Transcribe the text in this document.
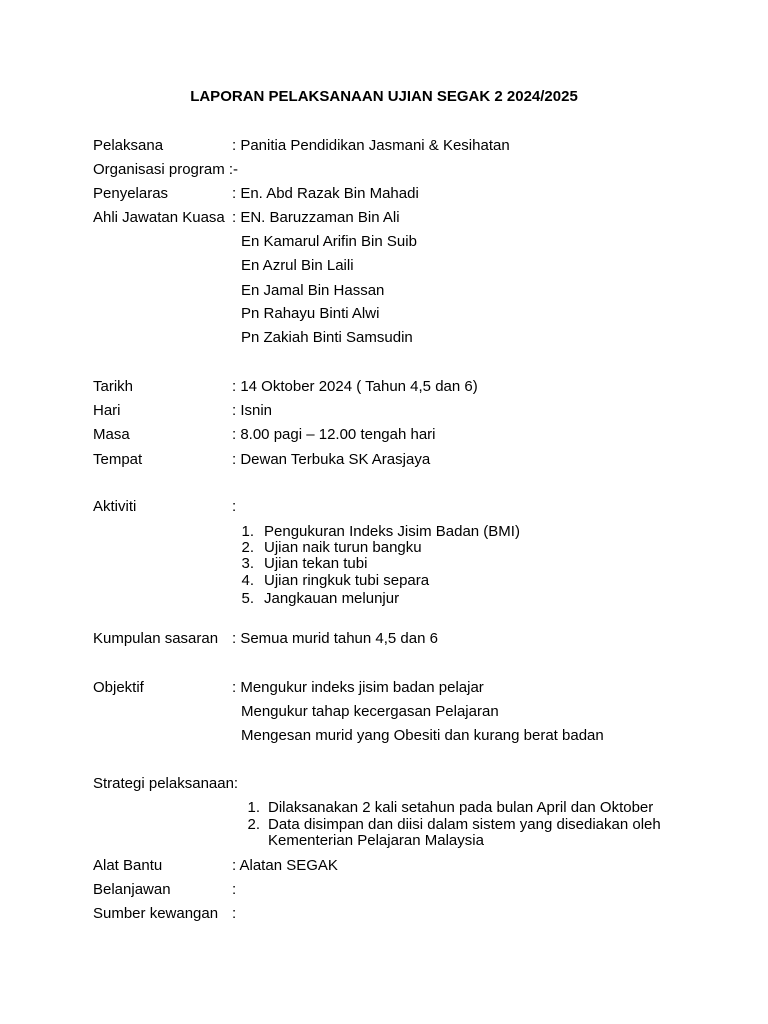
LAPORAN PELAKSANAAN UJIAN SEGAK 2 2024/2025
Pelaksana	: Panitia Pendidikan Jasmani & Kesihatan
Organisasi program :-
Penyelaras	: En. Abd Razak Bin Mahadi
Ahli Jawatan Kuasa : EN. Baruzzaman Bin Ali
En Kamarul Arifin Bin Suib
En Azrul Bin Laili
En Jamal Bin Hassan
Pn Rahayu Binti Alwi
Pn Zakiah Binti Samsudin
Tarikh	: 14 Oktober 2024 ( Tahun 4,5 dan 6)
Hari	: Isnin
Masa	: 8.00 pagi – 12.00 tengah hari
Tempat	: Dewan Terbuka SK Arasjaya
Aktiviti	:
1. Pengukuran Indeks Jisim Badan (BMI)
2. Ujian naik turun bangku
3. Ujian tekan tubi
4. Ujian ringkuk tubi separa
5. Jangkauan melunjur
Kumpulan sasaran : Semua murid tahun 4,5 dan 6
Objektif	: Mengukur indeks jisim badan pelajar
Mengukur tahap kecergasan Pelajaran
Mengesan murid yang Obesiti dan kurang berat badan
Strategi pelaksanaan:
1. Dilaksanakan 2 kali setahun pada bulan April dan Oktober
2. Data disimpan dan diisi dalam sistem yang disediakan oleh
Kementerian Pelajaran Malaysia
Alat Bantu	: Alatan SEGAK
Belanjawan	:
Sumber kewangan :
